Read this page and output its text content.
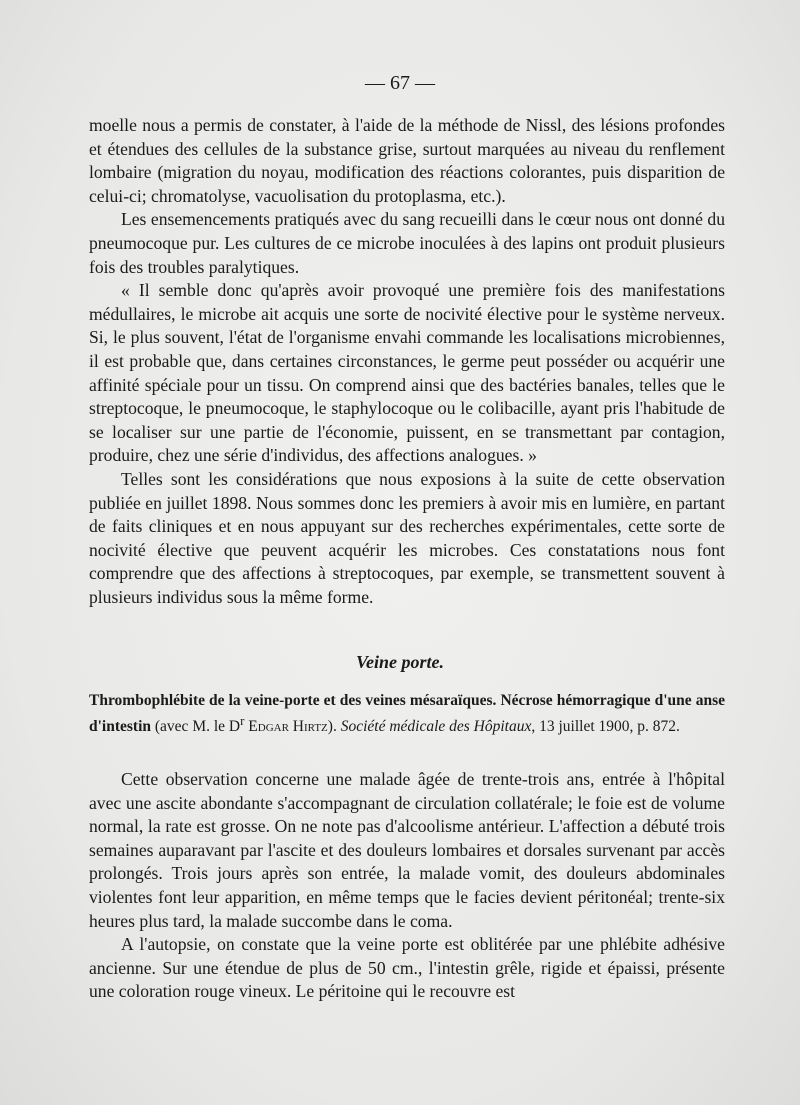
— 67 —

moelle nous a permis de constater, à l'aide de la méthode de Nissl, des lésions profondes et étendues des cellules de la substance grise, surtout marquées au niveau du renflement lombaire (migration du noyau, modification des réactions colorantes, puis disparition de celui-ci; chromatolyse, vacuolisation du protoplasma, etc.).

Les ensemencements pratiqués avec du sang recueilli dans le cœur nous ont donné du pneumocoque pur. Les cultures de ce microbe inoculées à des lapins ont produit plusieurs fois des troubles paralytiques.

« Il semble donc qu'après avoir provoqué une première fois des manifestations médullaires, le microbe ait acquis une sorte de nocivité élective pour le système nerveux. Si, le plus souvent, l'état de l'organisme envahi commande les localisations microbiennes, il est probable que, dans certaines circonstances, le germe peut posséder ou acquérir une affinité spéciale pour un tissu. On comprend ainsi que des bactéries banales, telles que le streptocoque, le pneumocoque, le staphylocoque ou le colibacille, ayant pris l'habitude de se localiser sur une partie de l'économie, puissent, en se transmettant par contagion, produire, chez une série d'individus, des affections analogues. »

Telles sont les considérations que nous exposions à la suite de cette observation publiée en juillet 1898. Nous sommes donc les premiers à avoir mis en lumière, en partant de faits cliniques et en nous appuyant sur des recherches expérimentales, cette sorte de nocivité élective que peuvent acquérir les microbes. Ces constatations nous font comprendre que des affections à streptocoques, par exemple, se transmettent souvent à plusieurs individus sous la même forme.

Veine porte.
Thrombophlébite de la veine-porte et des veines mésaraïques. Nécrose hémorragique d'une anse d'intestin (avec M. le $D^r$ Edgar Hirtz). Société médicale des Hôpitaux, 13 juillet 1900, p. 872.

Cette observation concerne une malade âgée de trente-trois ans, entrée à l'hôpital avec une ascite abondante s'accompagnant de circulation collatérale; le foie est de volume normal, la rate est grosse. On ne note pas d'alcoolisme antérieur. L'affection a débuté trois semaines auparavant par l'ascite et des douleurs lombaires et dorsales survenant par accès prolongés. Trois jours après son entrée, la malade vomit, des douleurs abdominales violentes font leur apparition, en même temps que le facies devient péritonéal; trente-six heures plus tard, la malade succombe dans le coma.

A l'autopsie, on constate que la veine porte est oblitérée par une phlébite adhésive ancienne. Sur une étendue de plus de 50 cm., l'intestin grêle, rigide et épaissi, présente une coloration rouge vineux. Le péritoine qui le recouvre est
